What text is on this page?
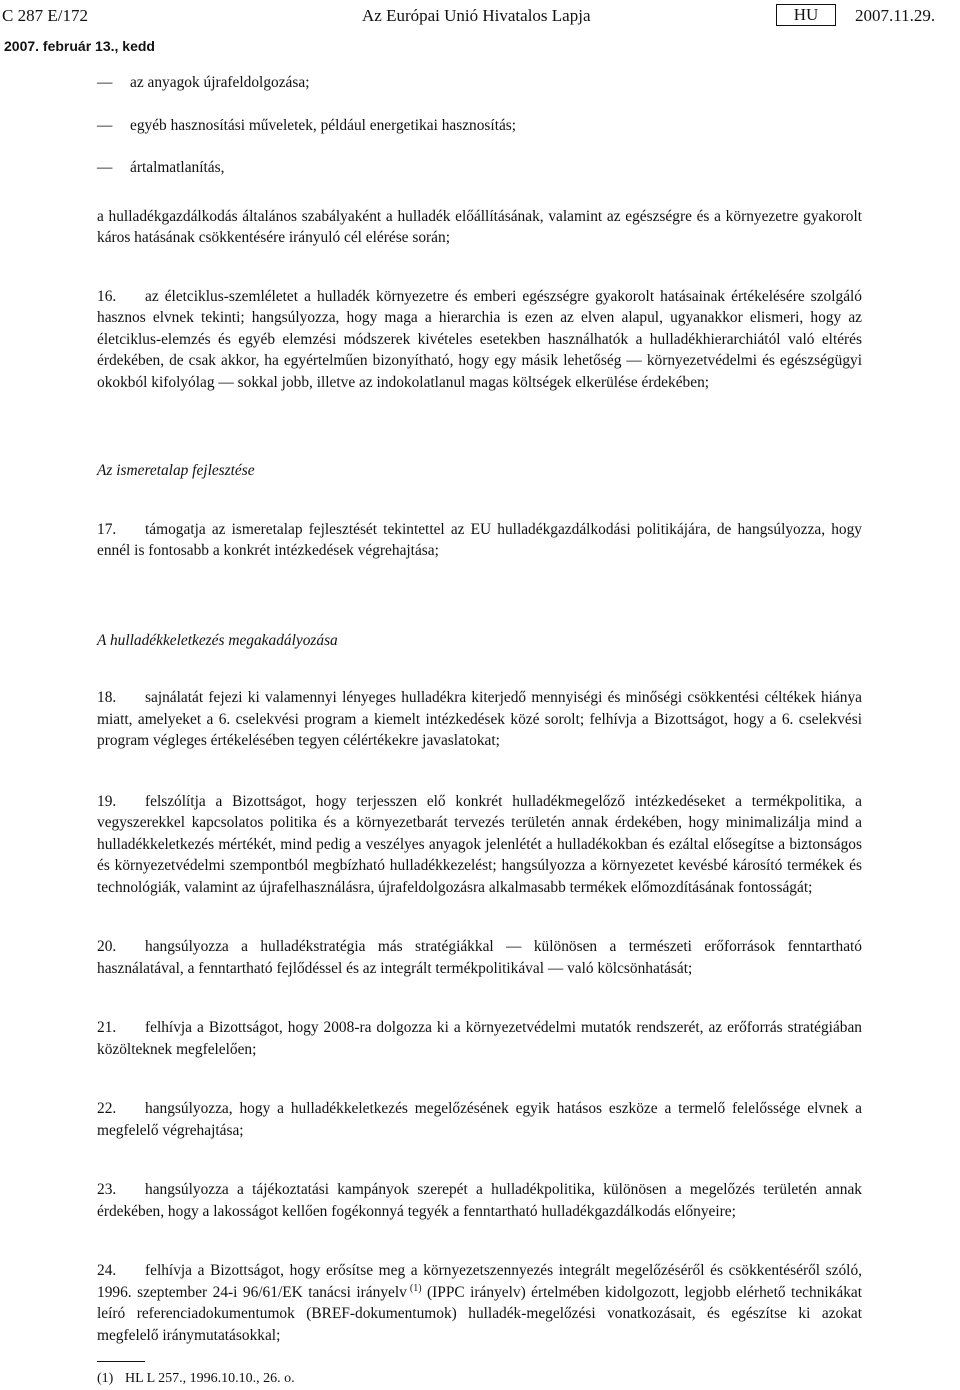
C 287 E/172	Az Európai Unió Hivatalos Lapja	HU	2007.11.29.
2007. február 13., kedd

— az anyagok újrafeldolgozása;

— egyéb hasznosítási műveletek, például energetikai hasznosítás;

— ártalmatlanítás,

a hulladékgazdálkodás általános szabályaként a hulladék előállításának, valamint az egészségre és a környezetre gyakorolt káros hatásának csökkentésére irányuló cél elérése során;

16. az életciklus-szemléletet a hulladék környezetre és emberi egészségre gyakorolt hatásainak értékelésére szolgáló hasznos elvnek tekinti; hangsúlyozza, hogy maga a hierarchia is ezen az elven alapul, ugyanakkor elismeri, hogy az életciklus-elemzés és egyéb elemzési módszerek kivételes esetekben használhatók a hulladékhierarchiától való eltérés érdekében, de csak akkor, ha egyértelműen bizonyítható, hogy egy másik lehetőség — környezetvédelmi és egészségügyi okokból kifolyólag — sokkal jobb, illetve az indokolatlanul magas költségek elkerülése érdekében;

Az ismeretalap fejlesztése

17. támogatja az ismeretalap fejlesztését tekintettel az EU hulladékgazdálkodási politikájára, de hangsúlyozza, hogy ennél is fontosabb a konkrét intézkedések végrehajtása;

A hulladékkeletkezés megakadályozása

18. sajnálatát fejezi ki valamennyi lényeges hulladékra kiterjedő mennyiségi és minőségi csökkentési céltékek hiánya miatt, amelyeket a 6. cselekvési program a kiemelt intézkedések közé sorolt; felhívja a Bizottságot, hogy a 6. cselekvési program végleges értékelésében tegyen célértékekre javaslatokat;

19. felszólítja a Bizottságot, hogy terjesszen elő konkrét hulladékmegelőző intézkedéseket a termékpolitika, a vegyszerekkel kapcsolatos politika és a környezetbarát tervezés területén annak érdekében, hogy minimalizálja mind a hulladékkeletkezés mértékét, mind pedig a veszélyes anyagok jelenlétét a hulladékokban és ezáltal elősegítse a biztonságos és környezetvédelmi szempontból megbízható hulladékkezelést; hangsúlyozza a környezetet kevésbé károsító termékek és technológiák, valamint az újrafelhasználásra, újrafeldolgozásra alkalmasabb termékek előmozdításának fontosságát;

20. hangsúlyozza a hulladékstratégia más stratégiákkal — különösen a természeti erőforrások fenntartható használatával, a fenntartható fejlődéssel és az integrált termékpolitikával — való kölcsönhatását;

21. felhívja a Bizottságot, hogy 2008-ra dolgozza ki a környezetvédelmi mutatók rendszerét, az erőforrás stratégiában közölteknek megfelelően;

22. hangsúlyozza, hogy a hulladékkeletkezés megelőzésének egyik hatásos eszköze a termelő felelőssége elvnek a megfelelő végrehajtása;

23. hangsúlyozza a tájékoztatási kampányok szerepét a hulladékpolitika, különösen a megelőzés területén annak érdekében, hogy a lakosságot kellően fogékonnyá tegyék a fenntartható hulladékgazdálkodás előnyeire;

24. felhívja a Bizottságot, hogy erősítse meg a környezetszennyezés integrált megelőzéséről és csökkentéséről szóló, 1996. szeptember 24-i 96/61/EK tanácsi irányelv  $^{(1)}$ (IPPC irányelv) értelmében kidolgozott, legjobb elérhető technikákat leíró referenciadokumentumok (BREF-dokumentumok) hulladék-megelőzési vonatkozásait, és egészítse ki azokat megfelelő iránymutatásokkal;

(1) HL L 257., 1996.10.10., 26. o.
